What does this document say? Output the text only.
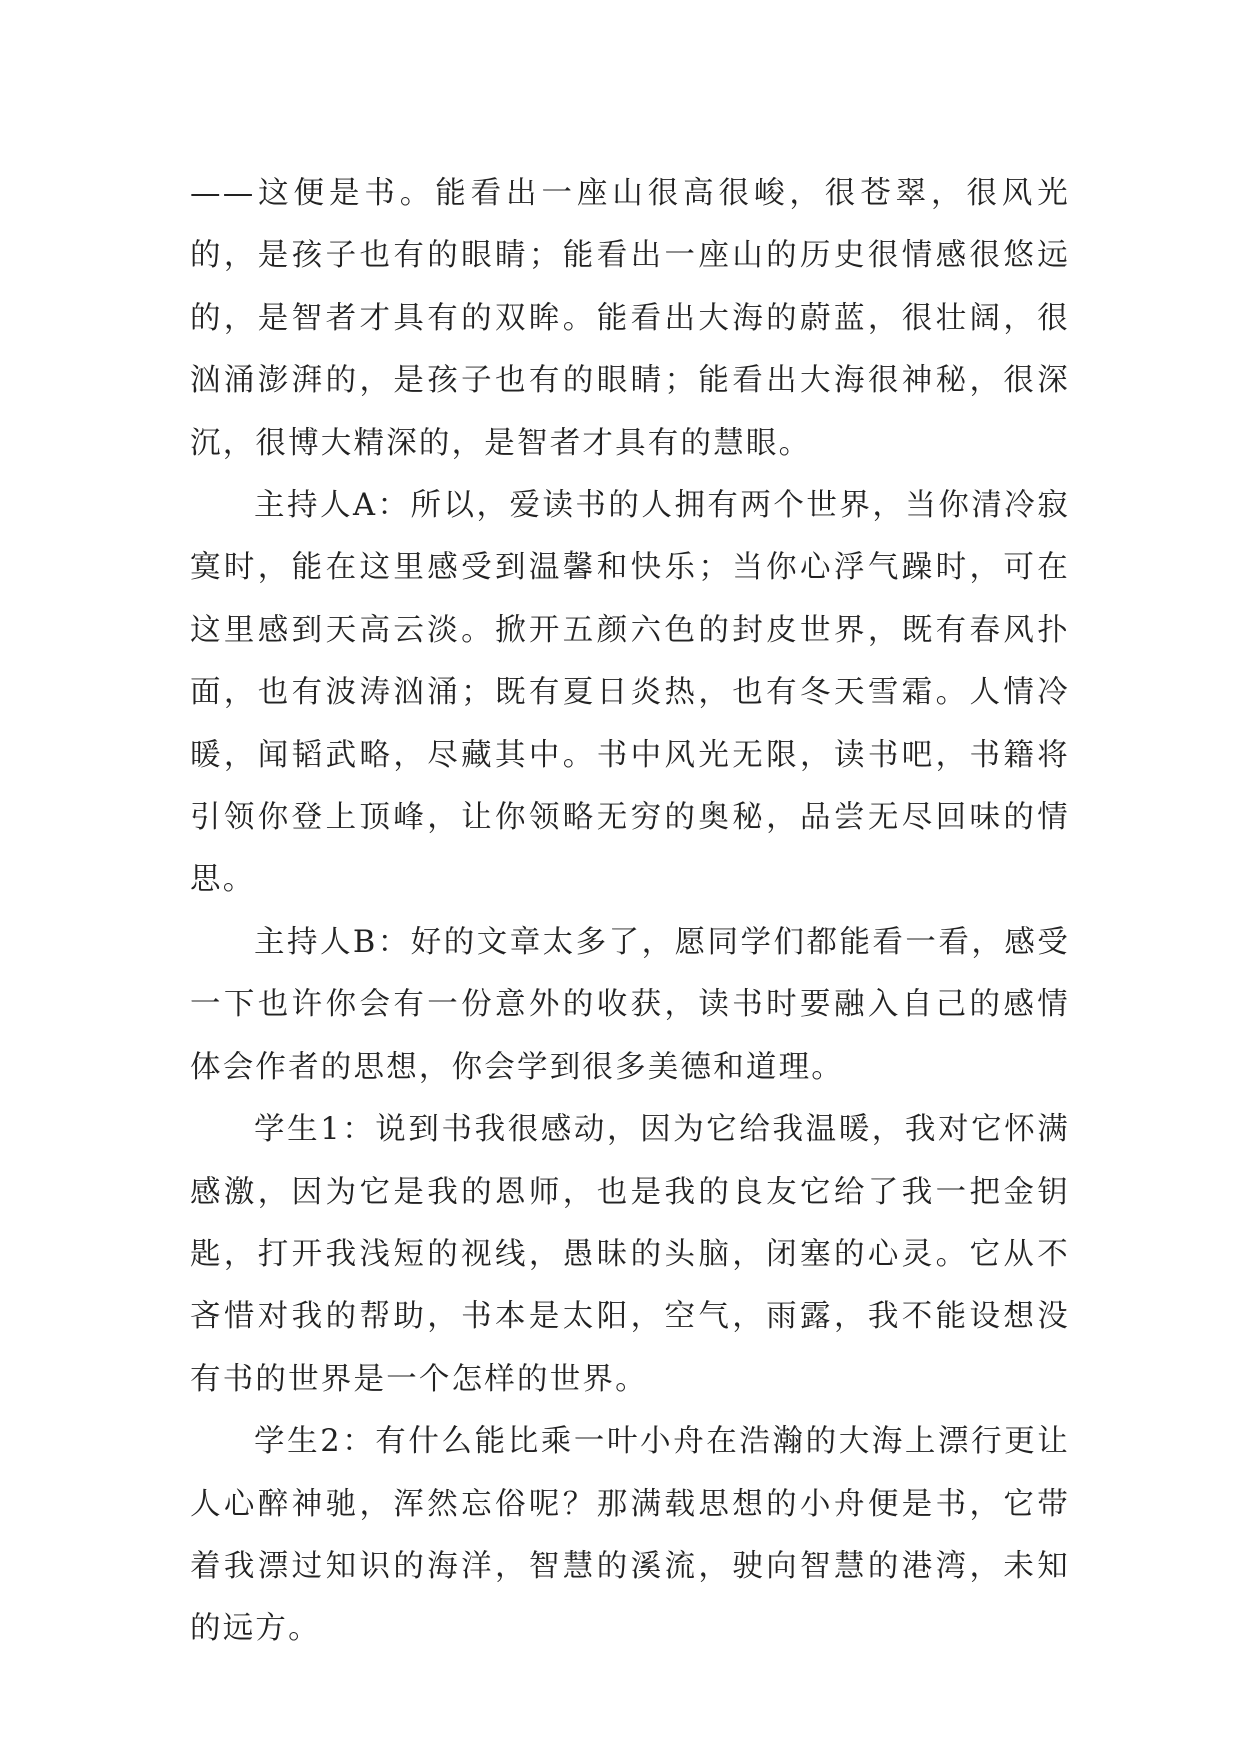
——这便是书。能看出一座山很高很峻，很苍翠，很风光的，是孩子也有的眼睛；能看出一座山的历史很情感很悠远的，是智者才具有的双眸。能看出大海的蔚蓝，很壮阔，很汹涌澎湃的，是孩子也有的眼睛；能看出大海很神秘，很深沉，很博大精深的，是智者才具有的慧眼。

主持人A：所以，爱读书的人拥有两个世界，当你清冷寂寞时，能在这里感受到温馨和快乐；当你心浮气躁时，可在这里感到天高云淡。掀开五颜六色的封皮世界，既有春风扑面，也有波涛汹涌；既有夏日炎热，也有冬天雪霜。人情冷暖，闻韬武略，尽藏其中。书中风光无限，读书吧，书籍将引领你登上顶峰，让你领略无穷的奥秘，品尝无尽回味的情思。

主持人B：好的文章太多了，愿同学们都能看一看，感受一下也许你会有一份意外的收获，读书时要融入自己的感情体会作者的思想，你会学到很多美德和道理。

学生1：说到书我很感动，因为它给我温暖，我对它怀满感激，因为它是我的恩师，也是我的良友它给了我一把金钥匙，打开我浅短的视线，愚昧的头脑，闭塞的心灵。它从不吝惜对我的帮助，书本是太阳，空气，雨露，我不能设想没有书的世界是一个怎样的世界。

学生2：有什么能比乘一叶小舟在浩瀚的大海上漂行更让人心醉神驰，浑然忘俗呢？那满载思想的小舟便是书，它带着我漂过知识的海洋，智慧的溪流，驶向智慧的港湾，未知的远方。
